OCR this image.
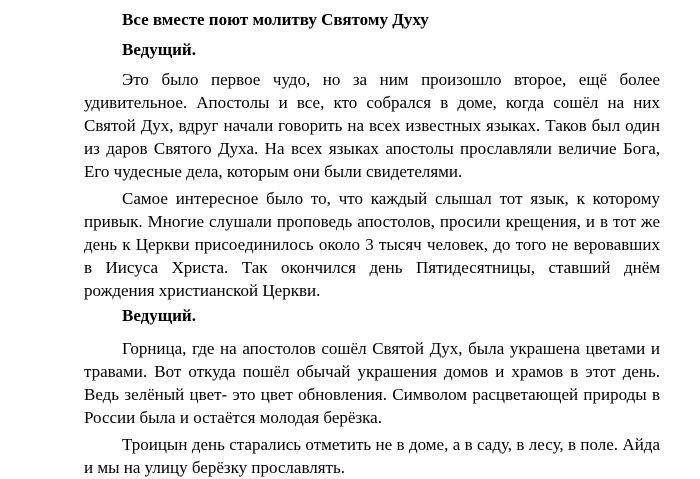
Все вместе поют молитву Святому Духу

Ведущий.

Это было первое чудо, но за ним произошло второе, ещё более удивительное. Апостолы и все, кто собрался в доме, когда сошёл на них Святой Дух, вдруг начали говорить на всех известных языках. Таков был один из даров Святого Духа. На всех языках апостолы прославляли величие Бога, Его чудесные дела, которым они были свидетелями.

Самое интересное было то, что каждый слышал тот язык, к которому привык. Многие слушали проповедь апостолов, просили крещения, и в тот же день к Церкви присоединилось около 3 тысяч человек, до того не веровавших в Иисуса Христа. Так окончился день Пятидесятницы, ставший днём рождения христианской Церкви.

Ведущий.

Горница, где на апостолов сошёл Святой Дух, была украшена цветами и травами. Вот откуда пошёл обычай украшения домов и храмов в этот день. Ведь зелёный цвет- это цвет обновления. Символом расцветающей природы в России была и остаётся молодая берёзка.

Троицын день старались отметить не в доме, а в саду, в лесу, в поле. Айда и мы на улицу берёзку прославлять.
